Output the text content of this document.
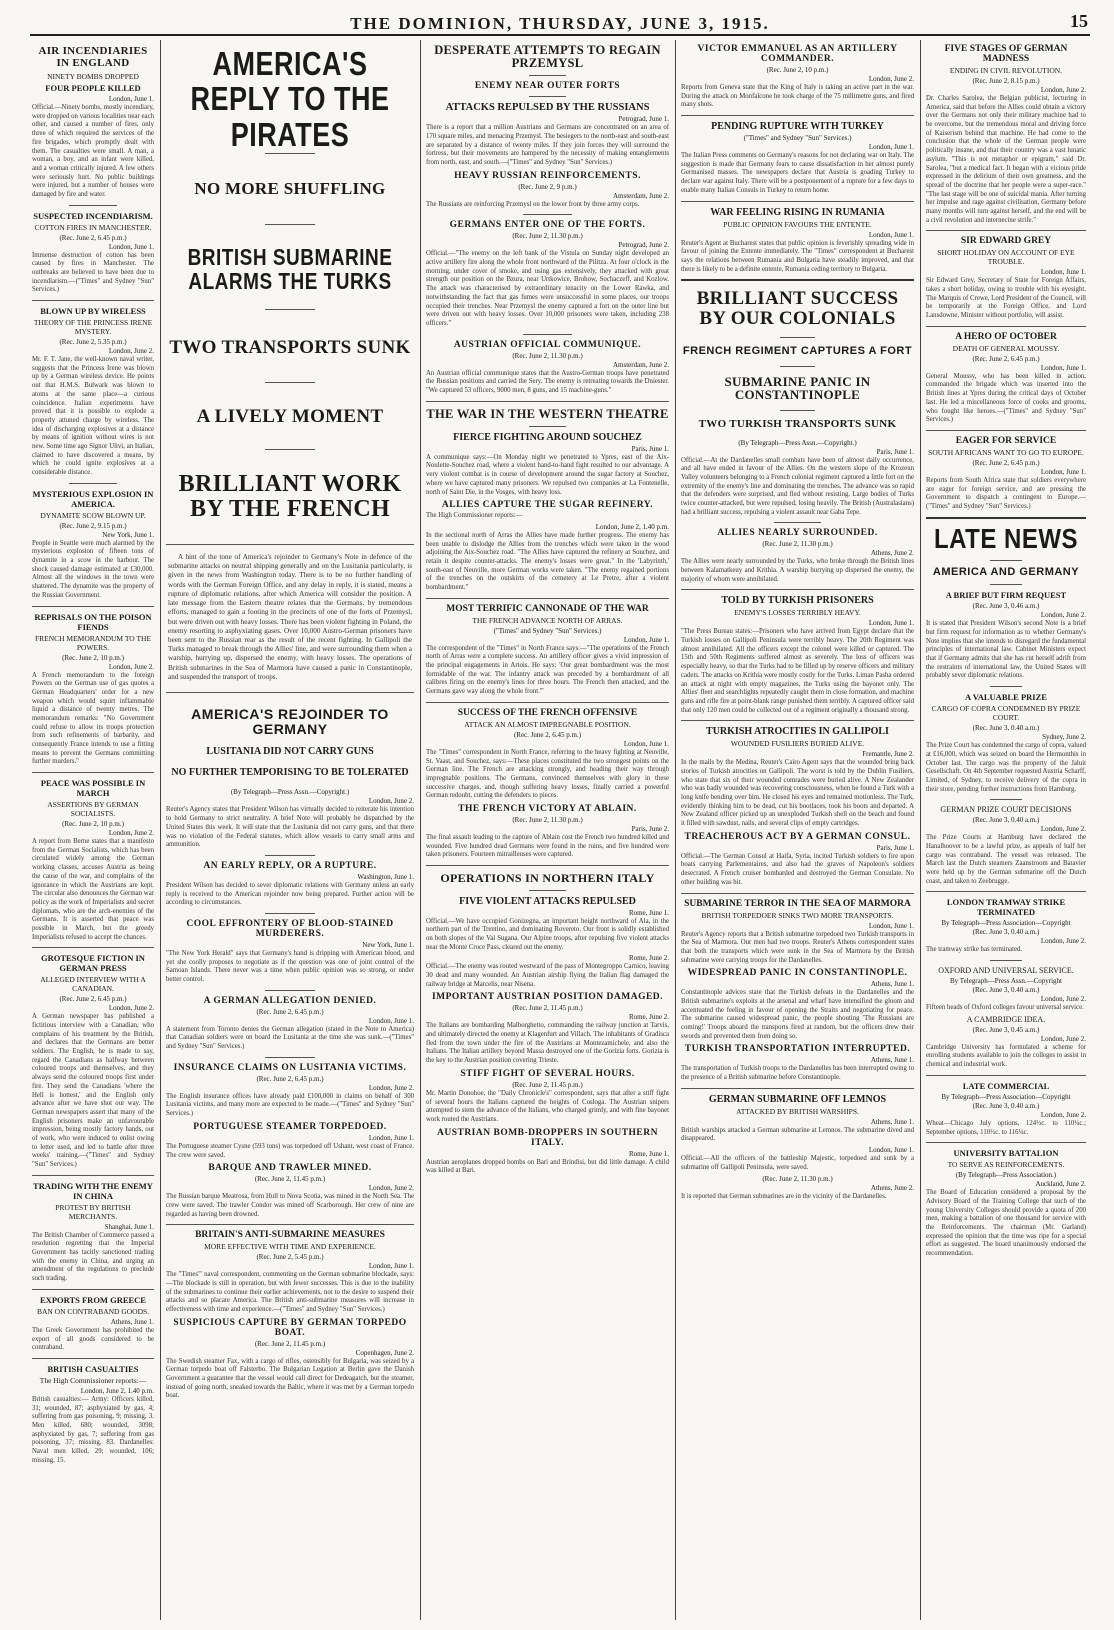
THE DOMINION, THURSDAY, JUNE 3, 1915.	15
AIR INCENDIARIES IN ENGLAND
NINETY BOMBS DROPPED
FOUR PEOPLE KILLED
London, June 1.
Official.—Ninety bombs, mostly incendiary, were dropped on various localities near each other, and caused a number of fires, only three of which required the services of the fire brigades, which promptly dealt with them. The casualties were small. A man, a woman, a boy, and an infant were killed, and a woman critically injured. A few others were seriously hurt. No public buildings were injured, but a number of houses were damaged by fire and water.
SUSPECTED INCENDIARISM.
COTTON FIRES IN MANCHESTER.
(Rec. June 2, 6.45 p.m.)
London, June 1.
Immense destruction of cotton has been caused by fires in Manchester. The outbreaks are believed to have been due to incendiarism.—("Times" and Sydney "Sun" Services.)
BLOWN UP BY WIRELESS
THEORY OF THE PRINCESS IRENE MYSTERY.
(Rec. June 2, 5.35 p.m.)
London, June 2.
Mr. F. T. Jane, the well-known naval writer, suggests that the Princess Irene was blown up by a German wireless device. He points out that H.M.S. Bulwark was blown to atoms at the same place—a curious coincidence. Italian experiments have proved that it is possible to explode a properly attuned charge by wireless. The idea of discharging explosives at a distance by means of ignition without wires is not new. Some time ago Signor Ulivi, an Italian, claimed to have discovered a means, by which he could ignite explosives at a considerable distance.
MYSTERIOUS EXPLOSION IN AMERICA.
DYNAMITE SCOW BLOWN UP.
(Rec. June 2, 9.15 p.m.)
New York, June 1.
People in Seattle were much alarmed by the mysterious explosion of fifteen tons of dynamite in a scow in the harbour. The shock caused damage estimated at £30,000. Almost all the windows in the town were shattered. The dynamite was the property of the Russian Government.
REPRISALS ON THE POISON FIENDS
FRENCH MEMORANDUM TO THE POWERS.
(Rec. June 2, 10 p.m.)
London, June 2.
A French memorandum to the foreign Powers on the German use of gas quotes a German Headquarters' order for a new weapon which would squirt inflammable liquid a distance of twenty metres. The memorandum remarks: "No Government could refuse to allow its troops protection from such refinements of barbarity, and consequently France intends to use a fitting means to prevent the Germans committing further murders."
PEACE WAS POSSIBLE IN MARCH
ASSERTIONS BY GERMAN SOCIALISTS.
(Rec. June 2, 10 p.m.)
London, June 2.
A report from Berne states that a manifesto from the German Socialists, which has been circulated widely among the German working classes, accuses Austria as being the cause of the war, and complains of the ignorance in which the Austrians are kept. The circular also denounces the German war policy as the work of Imperialists and secret diplomats, who are the arch-enemies of the Germans. It is asserted that peace was possible in March, but the greedy Imperialists refused to accept the chances.
GROTESQUE FICTION IN GERMAN PRESS
ALLEGED INTERVIEW WITH A CANADIAN.
(Rec. June 2, 6.45 p.m.)
London, June 2.
A German newspaper has published a fictitious interview with a Canadian, who complains of his treatment by the British, and declares that the Germans are better soldiers. The English, he is made to say, regard the Canadians as halfway between coloured troops and themselves, and they always send the coloured troops first under fire. They send the Canadians 'where the Hell is hottest,' and the English only advance after we have shot our way. The German newspapers assert that many of the English prisoners make an unfavourable impression, being mostly factory hands, out of work, who were induced to enlist owing to letter used, and led to battle after three weeks' training.—("Times" and Sydney "Sun" Services.)
TRADING WITH THE ENEMY IN CHINA
PROTEST BY BRITISH MERCHANTS.
Shanghai, June 1.
The British Chamber of Commerce passed a resolution regretting that the Imperial Government has tacitly sanctioned trading with the enemy in China, and urging an amendment of the regulations to preclude such trading.
EXPORTS FROM GREECE
BAN ON CONTRABAND GOODS.
Athens, June 1.
The Greek Government has prohibited the export of all goods considered to be contraband.
BRITISH CASUALTIES
The High Commissioner reports:—
London, June 2, 1.40 p.m.
British casualties:— Army: Officers killed, 31; wounded, 87; asphyxiated by gas, 4; suffering from gas poisoning, 9; missing, 3. Men killed, 680; wounded, 3098; asphyxiated by gas, 7; suffering from gas poisoning, 37; missing, 83. Dardanelles: Naval men killed, 29; wounded, 106; missing, 15.
AMERICA'S REPLY TO THE PIRATES
NO MORE SHUFFLING
BRITISH SUBMARINE ALARMS THE TURKS
TWO TRANSPORTS SUNK
A LIVELY MOMENT
BRILLIANT WORK BY THE FRENCH
A hint of the tone of America's rejoinder to Germany's Note in defence of the submarine attacks on neutral shipping generally and on the Lusitania particularly, is given in the news from Washington today. There is to be no further handling of words with the German Foreign Office, and any delay in reply, it is stated, means a rupture of diplomatic relations, after which America will consider the position. A late message from the Eastern theatre relates that the Germans, by tremendous efforts, managed to gain a footing in the precincts of one of the forts of Przemysl, but were driven out with heavy losses. There has been violent fighting in Poland, the enemy resorting to asphyxiating gases. Over 10,000 Austro-German prisoners have been sent to the Russian rear as the result of the recent fighting. In Gallipoli the Turks managed to break through the Allies' line, and were surrounding them when a warship, hurrying up, dispersed the enemy, with heavy losses. The operations of British submarines in the Sea of Marmora have caused a panic in Constantinople, and suspended the transport of troops.
AMERICA'S REJOINDER TO GERMANY
LUSITANIA DID NOT CARRY GUNS
NO FURTHER TEMPORISING TO BE TOLERATED
(By Telegraph—Press Assn.—Copyright.)
London, June 2.
Reuter's Agency states that President Wilson has virtually decided to reiterate his intention to hold Germany to strict neutrality. A brief Note will probably be dispatched by the United States this week. It will state that the Lusitania did not carry guns, and that there was no violation of the Federal statutes, which allow vessels to carry small arms and ammunition.
AN EARLY REPLY, OR A RUPTURE.
Washington, June 1.
President Wilson has decided to sever diplomatic relations with Germany unless an early reply is received to the American rejoinder now being prepared. Further action will be according to circumstances.
COOL EFFRONTERY OF BLOOD-STAINED MURDERERS.
New York, June 1.
"The New York Herald" says that Germany's hand is dripping with American blood, and yet she coolly proposes to negotiate as if the question was one of joint control of the Samoan Islands. There never was a time when public opinion was so strong, or under better control.
A GERMAN ALLEGATION DENIED.
(Rec. June 2, 6.45 p.m.)
London, June 1.
A statement from Toronto denies the German allegation (stated in the Note to America) that Canadian soldiers were on board the Lusitania at the time she was sunk.—("Times" and Sydney "Sun" Services.)
INSURANCE CLAIMS ON LUSITANIA VICTIMS.
(Rec. June 2, 6.45 p.m.)
London, June 2.
The English insurance offices have already paid £100,000 in claims on behalf of 300 Lusitania victims, and many more are expected to be made.—("Times" and Sydney "Sun" Services.)
PORTUGUESE STEAMER TORPEDOED.
London, June 1.
The Portuguese steamer Cysne (593 tons) was torpedoed off Ushant, west coast of France. The crew were saved.
BARQUE AND TRAWLER MINED.
(Rec. June 2, 11.45 p.m.)
London, June 2.
The Russian barque Meatrosa, from Hull to Nova Scotia, was mined in the North Sea. The crew were saved. The trawler Condor was mined off Scarborough. Her crew of nine are regarded as having been drowned.
BRITAIN'S ANTI-SUBMARINE MEASURES
MORE EFFECTIVE WITH TIME AND EXPERIENCE.
(Rec. June 2, 5.45 p.m.)
London, June 1.
The "Times'" naval correspondent, commenting on the German submarine blockade, says:—The blockade is still in operation, but with fewer successes. This is due to the inability of the submarines to continue their earlier achievements, not to the desire to suspend their attacks and so placate America. The British anti-submarine measures will increase in effectiveness with time and experience.—("Times" and Sydney "Sun" Services.)
SUSPICIOUS CAPTURE BY GERMAN TORPEDO BOAT.
(Rec. June 2, 11.45 p.m.)
Copenhagen, June 2.
The Swedish steamer Fax, with a cargo of rifles, ostensibly for Bulgaria, was seized by a German torpedo boat off Falsterbo. The Bulgarian Legation at Berlin gave the Danish Government a guarantee that the vessel would call direct for Dedeagatch, but the steamer, instead of going north, sneaked towards the Baltic, where it was met by a German torpedo boat.
DESPERATE ATTEMPTS TO REGAIN PRZEMYSL
ENEMY NEAR OUTER FORTS
ATTACKS REPULSED BY THE RUSSIANS
Petrograd, June 1.
There is a report that a million Austrians and Germans are concentrated on an area of 170 square miles, and menacing Przemysl. The besiegers to the north-east and south-east are separated by a distance of twenty miles. If they join forces they will surround the fortress, but their movements are hampered by the necessity of making entanglements from north, east, and south.—("Times" and Sydney "Sun" Services.)
HEAVY RUSSIAN REINFORCEMENTS.
(Rec. June 2, 9 p.m.)
Amsterdam, June 2.
The Russians are reinforcing Przemysl on the lower front by three army corps.
GERMANS ENTER ONE OF THE FORTS.
(Rec. June 2, 11.30 p.m.)
Petrograd, June 2.
Official.—"The enemy on the left bank of the Vistula on Sunday night developed an active artillery fire along the whole front northward of the Pilitza. At four o'clock in the morning, under cover of smoke, and using gas extensively, they attacked with great strength our position on the Bzura, near Urtkowice, Brohow, Sochaczeff, and Kozlow. The attack was characterised by extraordinary tenacity on the Lower Rawka, and notwithstanding the fact that gas fumes were unsuccessful in some places, our troops occupied their trenches. Near Przemysl the enemy captured a fort on the outer line but were driven out with heavy losses. Over 10,000 prisoners were taken, including 238 officers."
AUSTRIAN OFFICIAL COMMUNIQUE.
(Rec. June 2, 11.30 p.m.)
Amsterdam, June 2.
An Austrian official communique states that the Austro-German troops have penetrated the Russian positions and carried the Sery. The enemy is retreating towards the Dniester. "We captured 53 officers, 9000 men, 8 guns, and 15 machine-guns."
THE WAR IN THE WESTERN THEATRE
FIERCE FIGHTING AROUND SOUCHEZ
Paris, June 1.
A communique says:—On Monday night we penetrated to Ypres, east of the Aix-Noulette-Souchez road, where a violent hand-to-hand fight resulted to our advantage. A very violent combat is in course of development around the sugar factory at Souchez, where we have captured many prisoners. We repulsed two companies at La Fontenelle, north of Saint Die, in the Vosges, with heavy loss.
ALLIES CAPTURE THE SUGAR REFINERY.
The High Commissioner reports:—
London, June 2, 1.40 p.m.
In the sectional north of Arras the Allies have made further progress. The enemy has been unable to dislodge the Allies from the trenches which were taken in the wood adjoining the Aix-Souchez road. "The Allies have captured the refinery at Souchez, and retain it despite counter-attacks. The enemy's losses were great." In the 'Labyrinth,' south-east of Neuville, more German works were taken. "The enemy regained portions of the trenches on the outskirts of the cemetery at Le Pretre, after a violent bombardment."
MOST TERRIFIC CANNONADE OF THE WAR
THE FRENCH ADVANCE NORTH OF ARRAS.
("Times" and Sydney "Sun" Services.)
London, June 1.
The correspondent of the "Times" in North France says:—"The operations of the French north of Arras were a complete success. An artillery officer gives a vivid impression of the principal engagements in Artois. He says: 'Our great bombardment was the most formidable of the war. The infantry attack was preceded by a bombardment of all calibres firing on the enemy's lines for three hours. The French then attacked, and the Germans gave way along the whole front.'"
SUCCESS OF THE FRENCH OFFENSIVE
ATTACK AN ALMOST IMPREGNABLE POSITION.
(Rec. June 2, 6.45 p.m.)
London, June 1.
The "Times" correspondent in North France, referring to the heavy fighting at Neuville, St. Vaast, and Souchez, says:—These places constituted the two strongest points on the German line. The French are attacking strongly, and heading their way through impregnable positions. The Germans, convinced themselves with glory in these successive charges, and, though suffering heavy losses, finally carried a powerful German redoubt, cutting the defenders to pieces.
THE FRENCH VICTORY AT ABLAIN.
(Rec. June 2, 11.30 p.m.)
Paris, June 2.
The final assault leading to the capture of Ablain cost the French two hundred killed and wounded. Five hundred dead Germans were found in the ruins, and five hundred were taken prisoners. Fourteen mitrailleuses were captured.
OPERATIONS IN NORTHERN ITALY
FIVE VIOLENT ATTACKS REPULSED
Rome, June 1.
Official.—We have occupied Gonizegna, an important height northward of Ala, in the northern part of the Trentino, and dominating Rovereto. Our front is solidly established on both slopes of the Val Sugana. Our Alpine troops, after repulsing five violent attacks near the Monte Croce Pass, cleared out the enemy.
Rome, June 2.
Official.—The enemy was routed westward of the pass of Montegroppo Carnico, leaving 30 dead and many wounded. An Austrian airship flying the Italian flag damaged the railway bridge at Marcelis, near Nisena.
IMPORTANT AUSTRIAN POSITION DAMAGED.
(Rec. June 2, 11.45 p.m.)
Rome, June 2.
The Italians are bombarding Malborghetto, commanding the railway junction at Tarvis, and ultimately directed the enemy at Klagenfurt and Villach. The inhabitants of Gradisca fled from the town under the fire of the Austrians at Montezamichele, and also the Italians. The Italian artillery beyond Massa destroyed one of the Gorizia forts. Gorizia is the key to the Austrian position covering Trieste.
STIFF FIGHT OF SEVERAL HOURS.
(Rec. June 2, 11.45 p.m.)
Mr. Martin Donohoe, the "Daily Chronicle's" correspondent, says that after a stiff fight of several hours the Italians captured the heights of Cosloga. The Austrian snipers attempted to stem the advance of the Italians, who charged grimly, and with fine bayonet work routed the Austrians.
AUSTRIAN BOMB-DROPPERS IN SOUTHERN ITALY.
Rome, June 1.
Austrian aeroplanes dropped bombs on Bari and Brindisi, but did little damage. A child was killed at Bari.
VICTOR EMMANUEL AS AN ARTILLERY COMMANDER.
(Rec. June 2, 10 p.m.)
London, June 2.
Reports from Geneva state that the King of Italy is taking an active part in the war. During the attack on Monfalcone he took charge of the 75 millimetre guns, and fired many shots.
PENDING RUPTURE WITH TURKEY
("Times" and Sydney "Sun" Services.)
London, June 1.
The Italian Press comments on Germany's reasons for not declaring war on Italy. The suggestion is made that Germany fears to cause dissatisfaction in her almost purely Germanised masses. The newspapers declare that Austria is goading Turkey to declare war against Italy. There will be a postponement of a rupture for a few days to enable many Italian Consuls in Turkey to return home.
WAR FEELING RISING IN RUMANIA
PUBLIC OPINION FAVOURS THE ENTENTE.
London, June 1.
Reuter's Agent at Bucharest states that public opinion is feverishly spreading wide in favour of joining the Entente immediately. The "Times" correspondent at Bucharest says the relations between Rumania and Bulgaria have steadily improved, and that there is likely to be a definite entente, Rumania ceding territory to Bulgaria.
BRILLIANT SUCCESS BY OUR COLONIALS
FRENCH REGIMENT CAPTURES A FORT
SUBMARINE PANIC IN CONSTANTINOPLE
TWO TURKISH TRANSPORTS SUNK
(By Telegraph—Press Assn.—Copyright.)
Paris, June 1.
Official.—At the Dardanelles small combats have been of almost daily occurrence, and all have ended in favour of the Allies. On the western slope of the Krozeun Valley volunteers belonging to a French colonial regiment captured a little fort on the extremity of the enemy's line and dominating the trenches. The advance was so rapid that the defenders were surprised, and fled without resisting. Large bodies of Turks twice counter-attacked, but were repulsed, losing heavily. The British (Australasians) had a brilliant success, repulsing a violent assault near Gaba Tepe.
ALLIES NEARLY SURROUNDED.
(Rec. June 2, 11.30 p.m.)
Athens, June 2.
The Allies were nearly surrounded by the Turks, who broke through the British lines between Kalamatkeuy and Krithia. A warship hurrying up dispersed the enemy, the majority of whom were annihilated.
TOLD BY TURKISH PRISONERS
ENEMY'S LOSSES TERRIBLY HEAVY.
London, June 1.
"The Press Bureau states:—Prisoners who have arrived from Egypt declare that the Turkish losses on Gallipoli Peninsula were terribly heavy. The 20th Regiment was almost annihilated. All the officers except the colonel were killed or captured. The 15th and 50th Regiments suffered almost as severely. The loss of officers was especially heavy, so that the Turks had to be filled up by reserve officers and military cadets. The attacks on Krithia were mostly costly for the Turks. Liman Pasha ordered an attack at night with empty magazines, the Turks using the bayonet only. The Allies' fleet and searchlights repeatedly caught them in close formation, and machine guns and rifle fire at point-blank range punished them terribly. A captured officer said that only 120 men could be collected out of a regiment originally a thousand strong.
TURKISH ATROCITIES IN GALLIPOLI
WOUNDED FUSILIERS BURIED ALIVE.
Fremantle, June 2.
In the mails by the Medina, Reuter's Cairo Agent says that the wounded bring back stories of Turkish atrocities on Gallipoli. The worst is told by the Dublin Fusiliers, who state that six of their wounded comrades were buried alive. A New Zealander who was badly wounded was recovering consciousness, when he found a Turk with a long knife bending over him. He closed his eyes and remained motionless. The Turk, evidently thinking him to be dead, cut his bootlaces, took his boots and departed. A New Zealand officer picked up an unexploded Turkish shell on the beach and found it filled with sawdust, nails, and several clips of empty cartridges.
TREACHEROUS ACT BY A GERMAN CONSUL.
Paris, June 1.
Official.—The German Consul at Haifa, Syria, incited Turkish soldiers to fire upon boats carrying Parlementaires, and also had the graves of Napoleon's soldiers desecrated. A French cruiser bombarded and destroyed the German Consulate. No other building was hit.
SUBMARINE TERROR IN THE SEA OF MARMORA
BRITISH TORPEDOER SINKS TWO MORE TRANSPORTS.
London, June 1.
Reuter's Agency reports that a British submarine torpedoed two Turkish transports in the Sea of Marmora. Our men had two troops. Reuter's Athens correspondent states that both the transports which were sunk in the Sea of Marmora by the British submarine were carrying troops for the Dardanelles.
WIDESPREAD PANIC IN CONSTANTINOPLE.
Athens, June 1.
Constantinople advices state that the Turkish defeats in the Dardanelles and the British submarine's exploits at the arsenal and wharf have intensified the gloom and accentuated the feeling in favour of opening the Straits and negotiating for peace. The submarine caused widespread panic, the people shouting 'The Russians are coming!' Troops aboard the transports fired at random, but the officers drew their swords and prevented them from doing so.
TURKISH TRANSPORTATION INTERRUPTED.
Athens, June 1.
The transportation of Turkish troops to the Dardanelles has been interrupted owing to the presence of a British submarine before Constantinople.
GERMAN SUBMARINE OFF LEMNOS
ATTACKED BY BRITISH WARSHIPS.
Athens, June 1.
British warships attacked a German submarine at Lemnos. The submarine dived and disappeared.
London, June 1.
Official.—All the officers of the battleship Majestic, torpedoed and sunk by a submarine off Gallipoli Peninsula, were saved.
(Rec. June 2, 11.30 p.m.)
Athens, June 2.
It is reported that German submarines are in the vicinity of the Dardanelles.
FIVE STAGES OF GERMAN MADNESS
ENDING IN CIVIL REVOLUTION.
(Rec. June 2, 8.15 p.m.)
London, June 2.
Dr. Charles Sarolea, the Belgian publicist, lecturing in America, said that before the Allies could obtain a victory over the Germans not only their military machine had to be overcome, but the tremendous moral and driving force of Kaiserism behind that machine. He had come to the conclusion that the whole of the German people were politically insane, and that their country was a vast lunatic asylum. "This is not metaphor or epigram," said Dr. Sarolea, "but a medical fact. It began with a vicious pride expressed in the delirium of their own greatness, and the spread of the doctrine that her people were a super-race." "The last stage will be one of suicidal mania. After turning her impulse and rage against civilisation, Germany before many months will turn against herself, and the end will be a civil revolution and internecine strife."
SIR EDWARD GREY
SHORT HOLIDAY ON ACCOUNT OF EYE TROUBLE.
London, June 1.
Sir Edward Grey, Secretary of State for Foreign Affairs, takes a short holiday, owing to trouble with his eyesight. The Marquis of Crewe, Lord President of the Council, will be temporarily at the Foreign Office, and Lord Lansdowne, Minister without portfolio, will assist.
A HERO OF OCTOBER
DEATH OF GENERAL MOUSSY.
(Rec. June 2, 6.45 p.m.)
London, June 1.
General Moussy, who has been killed in action, commanded the brigade which was inserted into the British lines at Ypres during the critical days of October last. He led a miscellaneous force of cooks and grooms, who fought like heroes.—("Times" and Sydney "Sun" Services.)
EAGER FOR SERVICE
SOUTH AFRICANS WANT TO GO TO EUROPE.
(Rec. June 2, 6.45 p.m.)
London, June 1.
Reports from South Africa state that soldiers everywhere are eager for foreign service, and are pressing the Government to dispatch a contingent to Europe.—("Times" and Sydney "Sun" Services.)
LATE NEWS
AMERICA AND GERMANY
A BRIEF BUT FIRM REQUEST
(Rec. June 3, 0.46 a.m.)
London, June 2.
It is stated that President Wilson's second Note is a brief but firm request for information as to whether Germany's Note implies that she intends to disregard the fundamental principles of international law. Cabinet Ministers expect that if Germany admits that she has cut herself adrift from the restraints of international law, the United States will probably sever diplomatic relations.
A VALUABLE PRIZE
CARGO OF COPRA CONDEMNED BY PRIZE COURT.
(Rec. June 3, 0.40 a.m.)
Sydney, June 2.
The Prize Court has condemned the cargo of copra, valued at £16,000, which was seized on board the Hermonthis in October last. The cargo was the property of the Jaluit Gesellschaft. On 4th September requested Austria Scharff, Limited, of Sydney, to receive delivery of the copra in their store, pending further instructions from Hamburg.
GERMAN PRIZE COURT DECISIONS
(Rec. June 3, 0.40 a.m.)
London, June 2.
The Prize Courts at Hamburg have declared the Hanalhoover to be a lawful prize, as appeals of half her cargo was contraband. The vessel was released. The March last the Dutch steamers Zaanstroom and Batavier were held up by the German submarine off the Dutch coast, and taken to Zeebrugge.
LONDON TRAMWAY STRIKE TERMINATED
By Telegraph—Press Association—Copyright
(Rec. June 3, 0.40 a.m.)
London, June 2.
The tramway strike has terminated.
OXFORD AND UNIVERSAL SERVICE.
By Telegraph—Press Assn.—Copyright
(Rec. June 3, 0.40 a.m.)
London, June 2.
Fifteen heads of Oxford colleges favour universal service.
A CAMBRIDGE IDEA.
(Rec. June 3, 0.45 a.m.)
London, June 2.
Cambridge University has formulated a scheme for enrolling students available to join the colleges to assist in chemical and industrial work.
LATE COMMERCIAL
By Telegraph—Press Association—Copyright
(Rec. June 3, 0.40 a.m.)
London, June 2.
Wheat—Chicago July options, 124½c. to 110¼c.; September options, 110½c. to 116¼c.
UNIVERSITY BATTALION
TO SERVE AS REINFORCEMENTS.
(By Telegraph—Press Association.)
Auckland, June 2.
The Board of Education considered a proposal by the Advisory Board of the Training College that such of the young University Colleges should provide a quota of 200 men, making a battalion of one thousand for service with the Reinforcements. The chairman (Mr. Garland) expressed the opinion that the time was ripe for a special effort as suggested. The board unanimously endorsed the recommendation.
